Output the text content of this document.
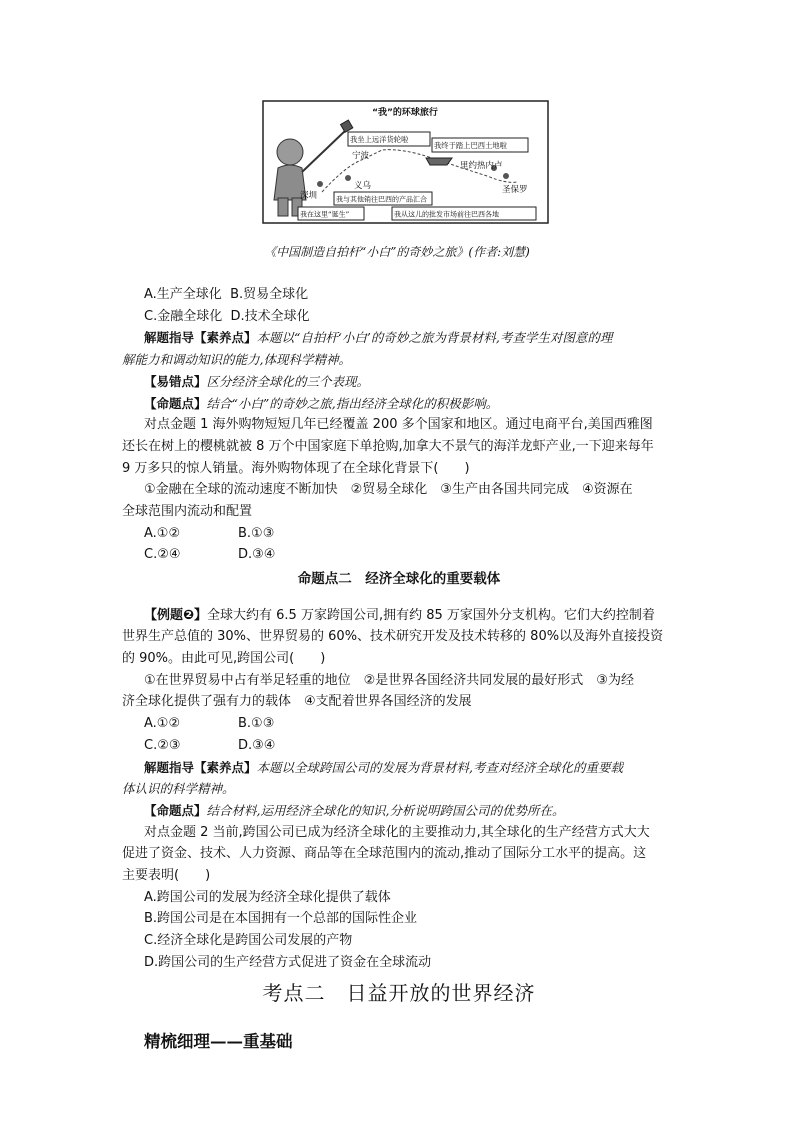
“我”的环球旅行
我坐上远洋货轮啦
我终于踏上巴西土地啦
我与其他销往巴西的产品汇合
我在这里“诞生”	我从这儿的批发市场前往巴西各地
宁波
义乌
深圳
里约热内卢
圣保罗
《中国制造自拍杆“小白”的奇妙之旅》(作者:刘慧)

A.生产全球化 B.贸易全球化

C.金融全球化 D.技术全球化

解题指导【素养点】本题以“自拍杆‘小白’的奇妙之旅为背景材料,考查学生对图意的理

解能力和调动知识的能力,体现科学精神。

【易错点】区分经济全球化的三个表现。

【命题点】结合“小白”的奇妙之旅,指出经济全球化的积极影响。

对点金题 1 海外购物短短几年已经覆盖 200 多个国家和地区。通过电商平台,美国西雅图

还长在树上的樱桃就被 8 万个中国家庭下单抢购,加拿大不景气的海洋龙虾产业,一下迎来每年

9 万多只的惊人销量。海外购物体现了在全球化背景下(　　)

①金融在全球的流动速度不断加快　②贸易全球化　③生产由各国共同完成　④资源在

全球范围内流动和配置

A.①②	B.①③
C.②④	D.③④

命题点二　经济全球化的重要载体

【例题❷】全球大约有 6.5 万家跨国公司,拥有约 85 万家国外分支机构。它们大约控制着

世界生产总值的 30%、世界贸易的 60%、技术研究开发及技术转移的 80%以及海外直接投资

的 90%。由此可见,跨国公司(　　)

①在世界贸易中占有举足轻重的地位　②是世界各国经济共同发展的最好形式　③为经

济全球化提供了强有力的载体　④支配着世界各国经济的发展

A.①②	B.①③
C.②③	D.③④

解题指导【素养点】本题以全球跨国公司的发展为背景材料,考查对经济全球化的重要载

体认识的科学精神。

【命题点】结合材料,运用经济全球化的知识,分析说明跨国公司的优势所在。

对点金题 2 当前,跨国公司已成为经济全球化的主要推动力,其全球化的生产经营方式大大

促进了资金、技术、人力资源、商品等在全球范围内的流动,推动了国际分工水平的提高。这

主要表明(　　)

A.跨国公司的发展为经济全球化提供了载体

B.跨国公司是在本国拥有一个总部的国际性企业

C.经济全球化是跨国公司发展的产物

D.跨国公司的生产经营方式促进了资金在全球流动

考点二　日益开放的世界经济

精梳细理——重基础
